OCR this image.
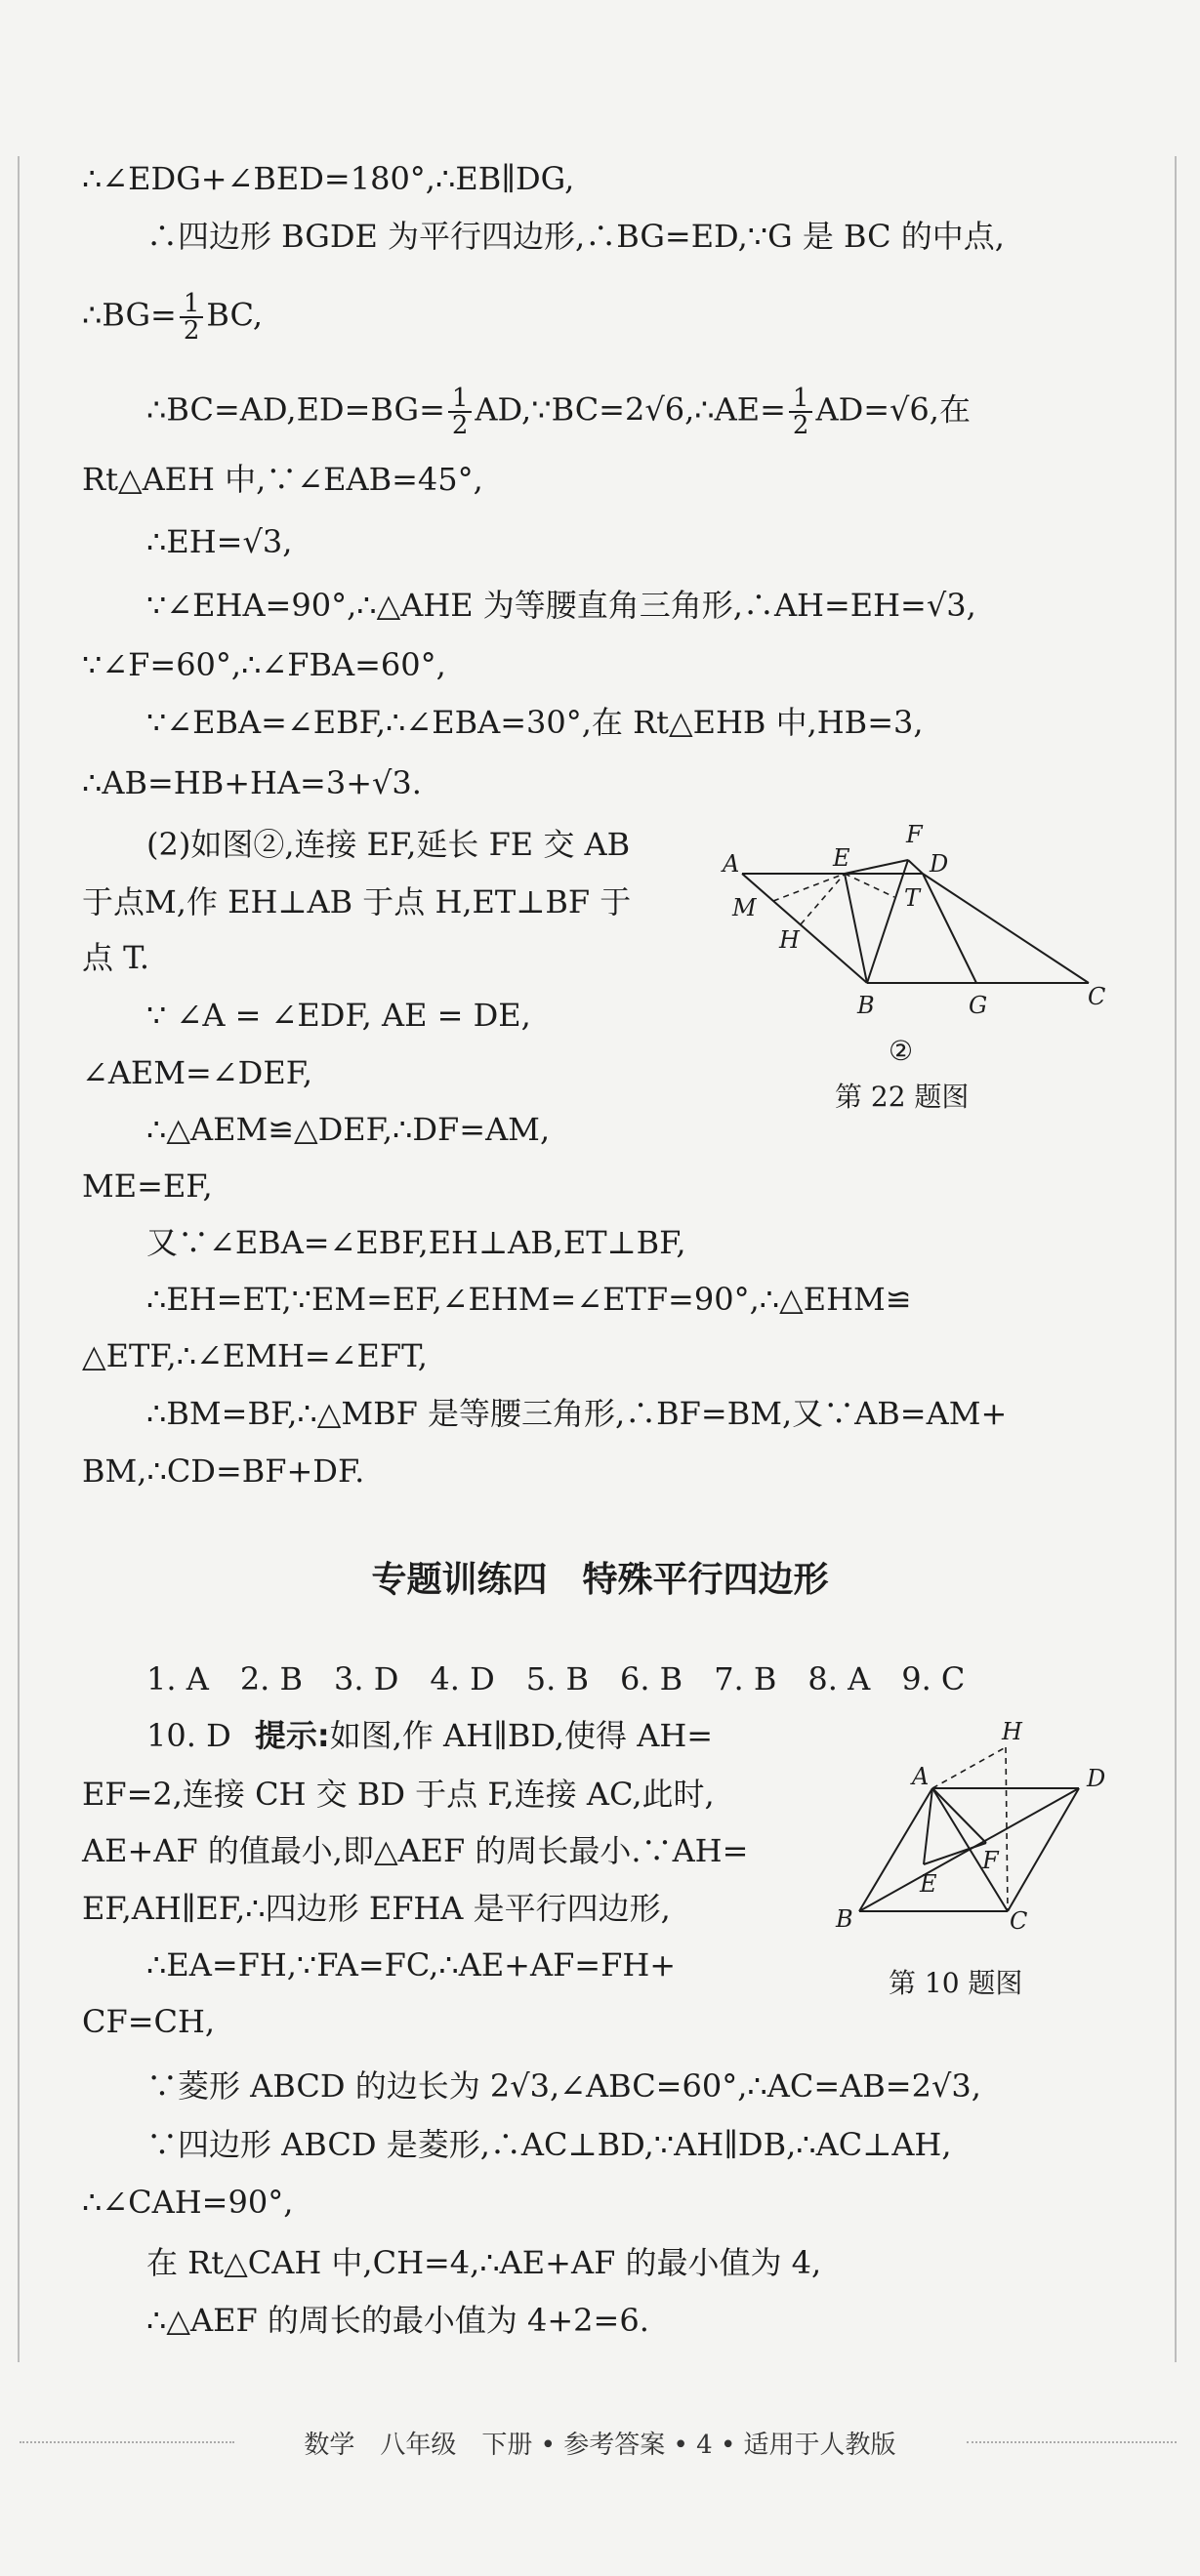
∴∠EDG+∠BED=180°,∴EB∥DG,
∴四边形 BGDE 为平行四边形,∴BG=ED,∵G 是 BC 的中点,
∴BG= $\frac{1}{2}$ BC,
∴BC=AD,ED=BG= $\frac{1}{2}$ AD,∵BC=2√6,∴AE= $\frac{1}{2} AD=√6$,在
Rt△AEH 中,∵∠EAB=45°,
∴EH=√3,
∵∠EHA=90°,∴△AHE 为等腰直角三角形,∴AH=EH=√3,
∵∠F=60°,∴∠FBA=60°,
∵∠EBA=∠EBF,∴∠EBA=30°,在 Rt△EHB 中,HB=3,
∴AB=HB+HA=3+√3.
(2)如图②,连接 EF,延长 FE 交 AB
于点M,作 EH⊥AB 于点 H,ET⊥BF 于
点 T.
∵ ∠A = ∠EDF, AE = DE,
∠AEM=∠DEF,
∴△AEM≌△DEF,∴DF=AM,
ME=EF,
又∵∠EBA=∠EBF,EH⊥AB,ET⊥BF,
∴EH=ET,∵EM=EF,∠EHM=∠ETF=90°,∴△EHM≌
△ETF,∴∠EMH=∠EFT,
∴BM=BF,∴△MBF 是等腰三角形,∴BF=BM,又∵AB=AM+
BM,∴CD=BF+DF.
A	E
F
D
M	T
H
B	G	C
②
第 22 题图
专题训练四　特殊平行四边形
1. A　2. B　3. D　4. D　5. B　6. B　7. B　8. A　9. C
10. D 提示:如图,作 AH∥BD,使得 AH=
EF=2,连接 CH 交 BD 于点 F,连接 AC,此时,
AE+AF 的值最小,即△AEF 的周长最小.∵AH=
EF,AH∥EF,∴四边形 EFHA 是平行四边形,
∴EA=FH,∵FA=FC,∴AE+AF=FH+
CF=CH,
∵菱形 ABCD 的边长为 2√3,∠ABC=60°,∴AC=AB=2√3,
∵四边形 ABCD 是菱形,∴AC⊥BD,∵AH∥DB,∴AC⊥AH,
∴∠CAH=90°,
在 Rt△CAH 中,CH=4,∴AE+AF 的最小值为 4,
∴△AEF 的周长的最小值为 4+2=6.
H
A	D
F
E
B	C
第 10 题图
数学　八年级　下册 • 参考答案 • 4 • 适用于人教版
